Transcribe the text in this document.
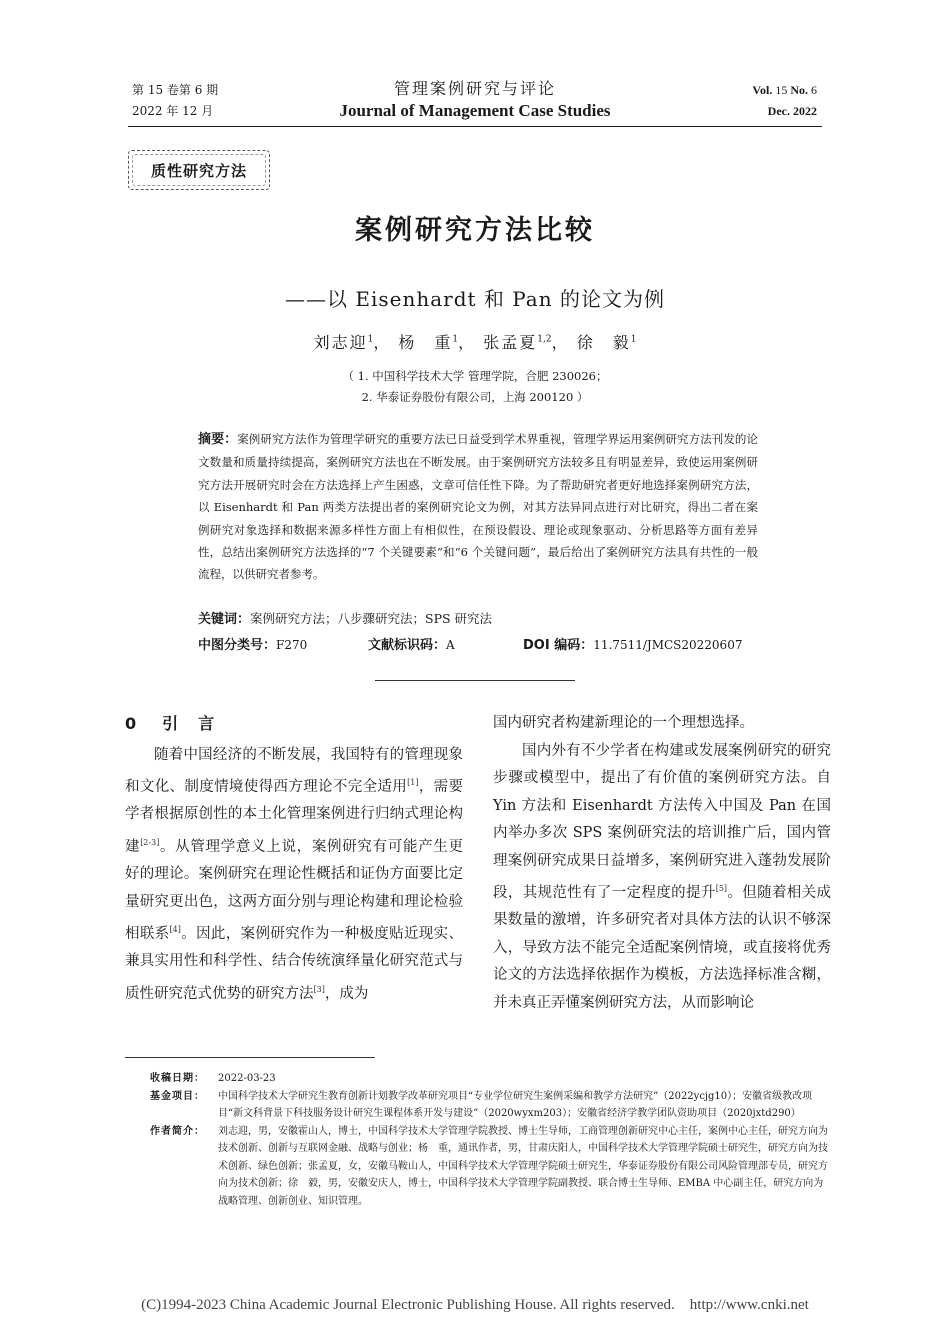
第 15 卷第 6 期
2022 年 12 月
管理案例研究与评论
Journal of Management Case Studies
Vol. 15 No. 6
Dec. 2022
质性研究方法
案例研究方法比较
——以 Eisenhardt 和 Pan 的论文为例
刘志迎$^1$， 杨　重$^1$， 张孟夏$^{1,2}$， 徐　毅$^1$
（ 1. 中国科学技术大学 管理学院，合肥 230026；
2. 华泰证券股份有限公司，上海 200120 ）
摘要：案例研究方法作为管理学研究的重要方法已日益受到学术界重视，管理学界运用案例研究方法刊发的论文数量和质量持续提高，案例研究方法也在不断发展。由于案例研究方法较多且有明显差异，致使运用案例研究方法开展研究时会在方法选择上产生困惑，文章可信任性下降。为了帮助研究者更好地选择案例研究方法，以 Eisenhardt 和 Pan 两类方法提出者的案例研究论文为例，对其方法异同点进行对比研究，得出二者在案例研究对象选择和数据来源多样性方面上有相似性，在预设假设、理论或现象驱动、分析思路等方面有差异性，总结出案例研究方法选择的“7 个关键要素”和“6 个关键问题”，最后给出了案例研究方法具有共性的一般流程，以供研究者参考。
关键词：案例研究方法；八步骤研究法；SPS 研究法
中图分类号：F270	文献标识码：A	DOI 编码：11.7511/JMCS20220607
0 引　言

随着中国经济的不断发展，我国特有的管理现象和文化、制度情境使得西方理论不完全适用[1]，需要学者根据原创性的本土化管理案例进行归纳式理论构建[2-3]。从管理学意义上说，案例研究有可能产生更好的理论。案例研究在理论性概括和证伪方面要比定量研究更出色，这两方面分别与理论构建和理论检验相联系[4]。因此，案例研究作为一种极度贴近现实、兼具实用性和科学性、结合传统演绎量化研究范式与质性研究范式优势的研究方法[3]，成为

国内研究者构建新理论的一个理想选择。

国内外有不少学者在构建或发展案例研究的研究步骤或模型中，提出了有价值的案例研究方法。自 Yin 方法和 Eisenhardt 方法传入中国及 Pan 在国内举办多次 SPS 案例研究法的培训推广后，国内管理案例研究成果日益增多，案例研究进入蓬勃发展阶段，其规范性有了一定程度的提升[5]。但随着相关成果数量的激增，许多研究者对具体方法的认识不够深入，导致方法不能完全适配案例情境，或直接将优秀论文的方法选择依据作为模板，方法选择标准含糊，并未真正弄懂案例研究方法，从而影响论

收稿日期：	2022-03-23
基金项目：	中国科学技术大学研究生教育创新计划教学改革研究项目“专业学位研究生案例采编和教学方法研究”（2022ycjg10）；安徽省级教改项目“新文科背景下科技服务设计研究生课程体系开发与建设”（2020wyxm203）；安徽省经济学教学团队资助项目（2020jxtd290）
作者简介：	刘志迎，男，安徽霍山人，博士，中国科学技术大学管理学院教授、博士生导师，工商管理创新研究中心主任，案例中心主任，研究方向为技术创新、创新与互联网金融、战略与创业；杨　重，通讯作者，男，甘肃庆阳人，中国科学技术大学管理学院硕士研究生，研究方向为技术创新、绿色创新；张孟夏，女，安徽马鞍山人，中国科学技术大学管理学院硕士研究生，华泰证券股份有限公司风险管理部专员，研究方向为技术创新；徐　毅，男，安徽安庆人，博士，中国科学技术大学管理学院副教授、联合博士生导师、EMBA 中心副主任，研究方向为战略管理、创新创业、知识管理。
(C)1994-2023 China Academic Journal Electronic Publishing House. All rights reserved.    http://www.cnki.net
